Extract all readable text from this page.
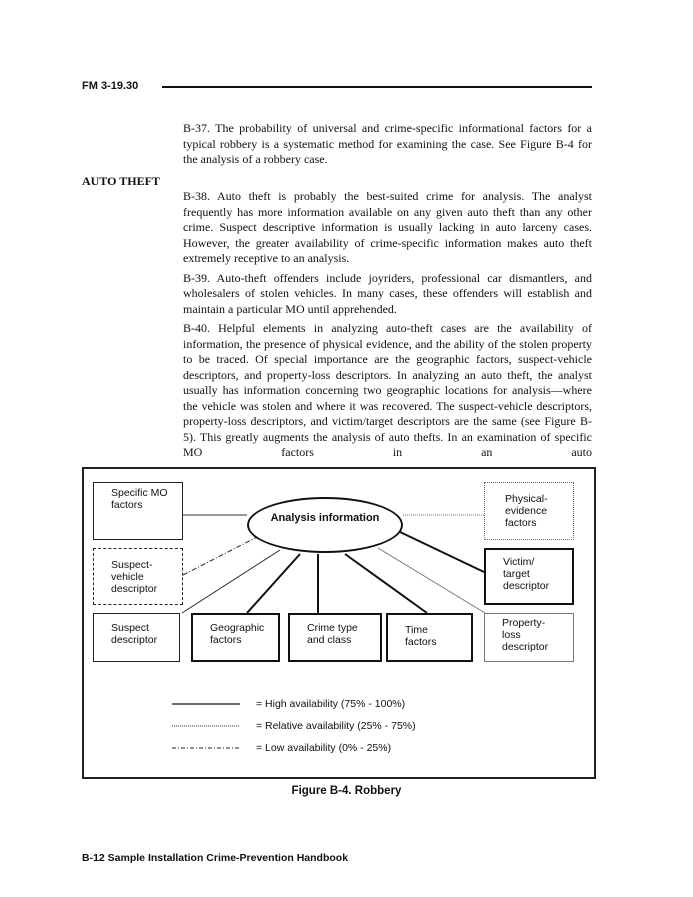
FM 3-19.30

B-37. The probability of universal and crime-specific informational factors for a typical robbery is a systematic method for examining the case. See Figure B-4 for the analysis of a robbery case.

AUTO THEFT

B-38. Auto theft is probably the best-suited crime for analysis. The analyst frequently has more information available on any given auto theft than any other crime. Suspect descriptive information is usually lacking in auto larceny cases. However, the greater availability of crime-specific information makes auto theft extremely receptive to an analysis.

B-39. Auto-theft offenders include joyriders, professional car dismantlers, and wholesalers of stolen vehicles. In many cases, these offenders will establish and maintain a particular MO until apprehended.

B-40. Helpful elements in analyzing auto-theft cases are the availability of information, the presence of physical evidence, and the ability of the stolen property to be traced. Of special importance are the geographic factors, suspect-vehicle descriptors, and property-loss descriptors. In analyzing an auto theft, the analyst usually has information concerning two geographic locations for analysis—where the vehicle was stolen and where it was recovered. The suspect-vehicle descriptors, property-loss descriptors, and victim/target descriptors are the same (see Figure B-5). This greatly augments the analysis of auto thefts. In an examination of specific MO factors in an auto

Analysis information
Specific MO factors	Physical-evidence factors
Suspect-vehicle descriptor
Victim/ target descriptor
Suspect descriptor
Geographic factors
Crime type and class
Time factors
Property-loss descriptor
= High availability (75% - 100%)
= Relative availability (25% - 75%)
= Low availability (0% - 25%)
Figure B-4. Robbery
B-12 Sample Installation Crime-Prevention Handbook
